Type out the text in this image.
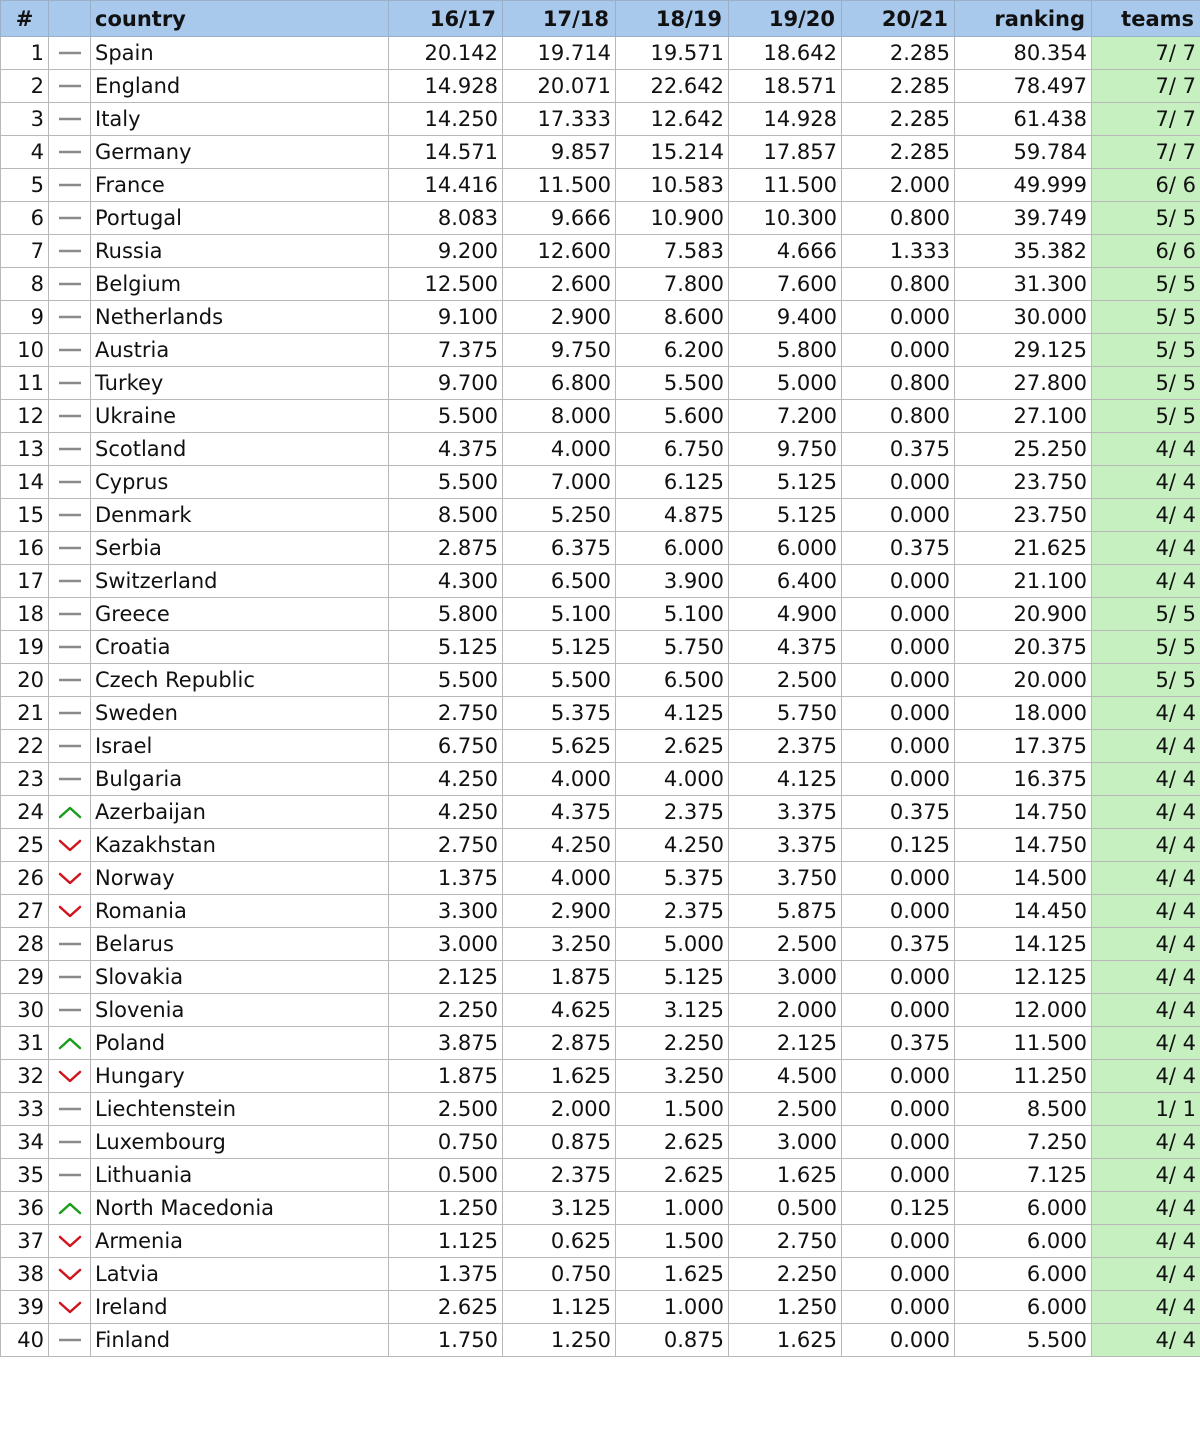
#		country	16/17	17/18	18/19	19/20	20/21	ranking	teams
1		Spain	20.142	19.714	19.571	18.642	2.285	80.354	7/ 7
2		England	14.928	20.071	22.642	18.571	2.285	78.497	7/ 7
3		Italy	14.250	17.333	12.642	14.928	2.285	61.438	7/ 7
4		Germany	14.571	9.857	15.214	17.857	2.285	59.784	7/ 7
5		France	14.416	11.500	10.583	11.500	2.000	49.999	6/ 6
6		Portugal	8.083	9.666	10.900	10.300	0.800	39.749	5/ 5
7		Russia	9.200	12.600	7.583	4.666	1.333	35.382	6/ 6
8		Belgium	12.500	2.600	7.800	7.600	0.800	31.300	5/ 5
9		Netherlands	9.100	2.900	8.600	9.400	0.000	30.000	5/ 5
10		Austria	7.375	9.750	6.200	5.800	0.000	29.125	5/ 5
11		Turkey	9.700	6.800	5.500	5.000	0.800	27.800	5/ 5
12		Ukraine	5.500	8.000	5.600	7.200	0.800	27.100	5/ 5
13		Scotland	4.375	4.000	6.750	9.750	0.375	25.250	4/ 4
14		Cyprus	5.500	7.000	6.125	5.125	0.000	23.750	4/ 4
15		Denmark	8.500	5.250	4.875	5.125	0.000	23.750	4/ 4
16		Serbia	2.875	6.375	6.000	6.000	0.375	21.625	4/ 4
17		Switzerland	4.300	6.500	3.900	6.400	0.000	21.100	4/ 4
18		Greece	5.800	5.100	5.100	4.900	0.000	20.900	5/ 5
19		Croatia	5.125	5.125	5.750	4.375	0.000	20.375	5/ 5
20		Czech Republic	5.500	5.500	6.500	2.500	0.000	20.000	5/ 5
21		Sweden	2.750	5.375	4.125	5.750	0.000	18.000	4/ 4
22		Israel	6.750	5.625	2.625	2.375	0.000	17.375	4/ 4
23		Bulgaria	4.250	4.000	4.000	4.125	0.000	16.375	4/ 4
24		Azerbaijan	4.250	4.375	2.375	3.375	0.375	14.750	4/ 4
25		Kazakhstan	2.750	4.250	4.250	3.375	0.125	14.750	4/ 4
26		Norway	1.375	4.000	5.375	3.750	0.000	14.500	4/ 4
27		Romania	3.300	2.900	2.375	5.875	0.000	14.450	4/ 4
28		Belarus	3.000	3.250	5.000	2.500	0.375	14.125	4/ 4
29		Slovakia	2.125	1.875	5.125	3.000	0.000	12.125	4/ 4
30		Slovenia	2.250	4.625	3.125	2.000	0.000	12.000	4/ 4
31		Poland	3.875	2.875	2.250	2.125	0.375	11.500	4/ 4
32		Hungary	1.875	1.625	3.250	4.500	0.000	11.250	4/ 4
33		Liechtenstein	2.500	2.000	1.500	2.500	0.000	8.500	1/ 1
34		Luxembourg	0.750	0.875	2.625	3.000	0.000	7.250	4/ 4
35		Lithuania	0.500	2.375	2.625	1.625	0.000	7.125	4/ 4
36		North Macedonia	1.250	3.125	1.000	0.500	0.125	6.000	4/ 4
37		Armenia	1.125	0.625	1.500	2.750	0.000	6.000	4/ 4
38		Latvia	1.375	0.750	1.625	2.250	0.000	6.000	4/ 4
39		Ireland	2.625	1.125	1.000	1.250	0.000	6.000	4/ 4
40		Finland	1.750	1.250	0.875	1.625	0.000	5.500	4/ 4
